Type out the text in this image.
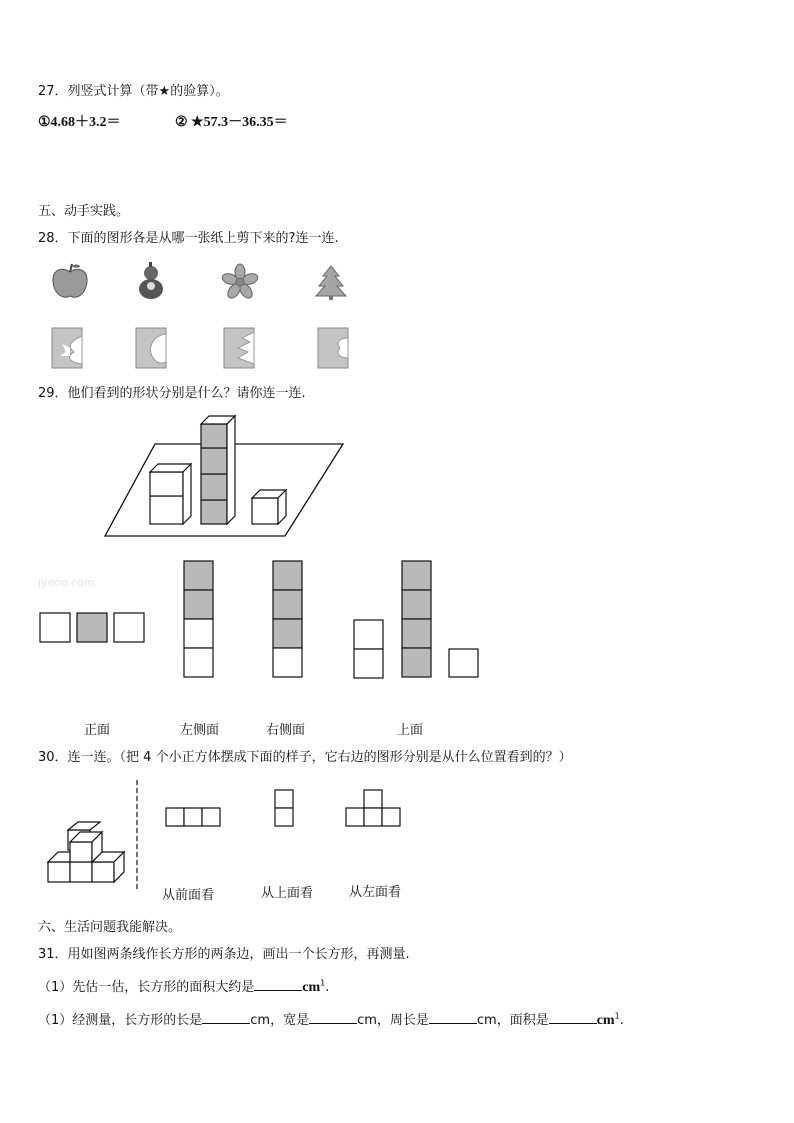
27．列竖式计算（带★的验算）。
①4.68＋3.2＝	② ★57.3－36.35＝
五、动手实践。
28．下面的图形各是从哪一张纸上剪下来的?连一连.
29．他们看到的形状分别是什么？请你连一连.
jyeoo.com
正面	左侧面	右侧面	上面
30．连一连。（把 4 个小正方体摆成下面的样子，它右边的图形分别是从什么位置看到的？）
从前面看	从上面看	从左面看
六、生活问题我能解决。
31．用如图两条线作长方形的两条边，画出一个长方形，再测量.
（1）先估一估，长方形的面积大约是	$cm^1$.
（1）经测量，长方形的长是	cm，宽是	cm，周长是	cm，面积是	$cm^1$.
